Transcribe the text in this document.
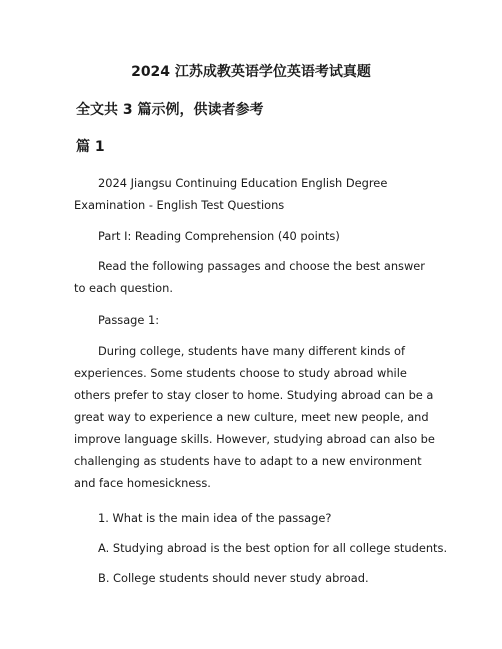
2024 江苏成教英语学位英语考试真题
全文共 3 篇示例，供读者参考
篇 1
2024 Jiangsu Continuing Education English Degree Examination - English Test Questions
Part I: Reading Comprehension (40 points)
Read the following passages and choose the best answer to each question.
Passage 1:
During college, students have many different kinds of experiences. Some students choose to study abroad while others prefer to stay closer to home. Studying abroad can be a great way to experience a new culture, meet new people, and improve language skills. However, studying abroad can also be challenging as students have to adapt to a new environment and face homesickness.
1. What is the main idea of the passage?
A. Studying abroad is the best option for all college students.
B. College students should never study abroad.
